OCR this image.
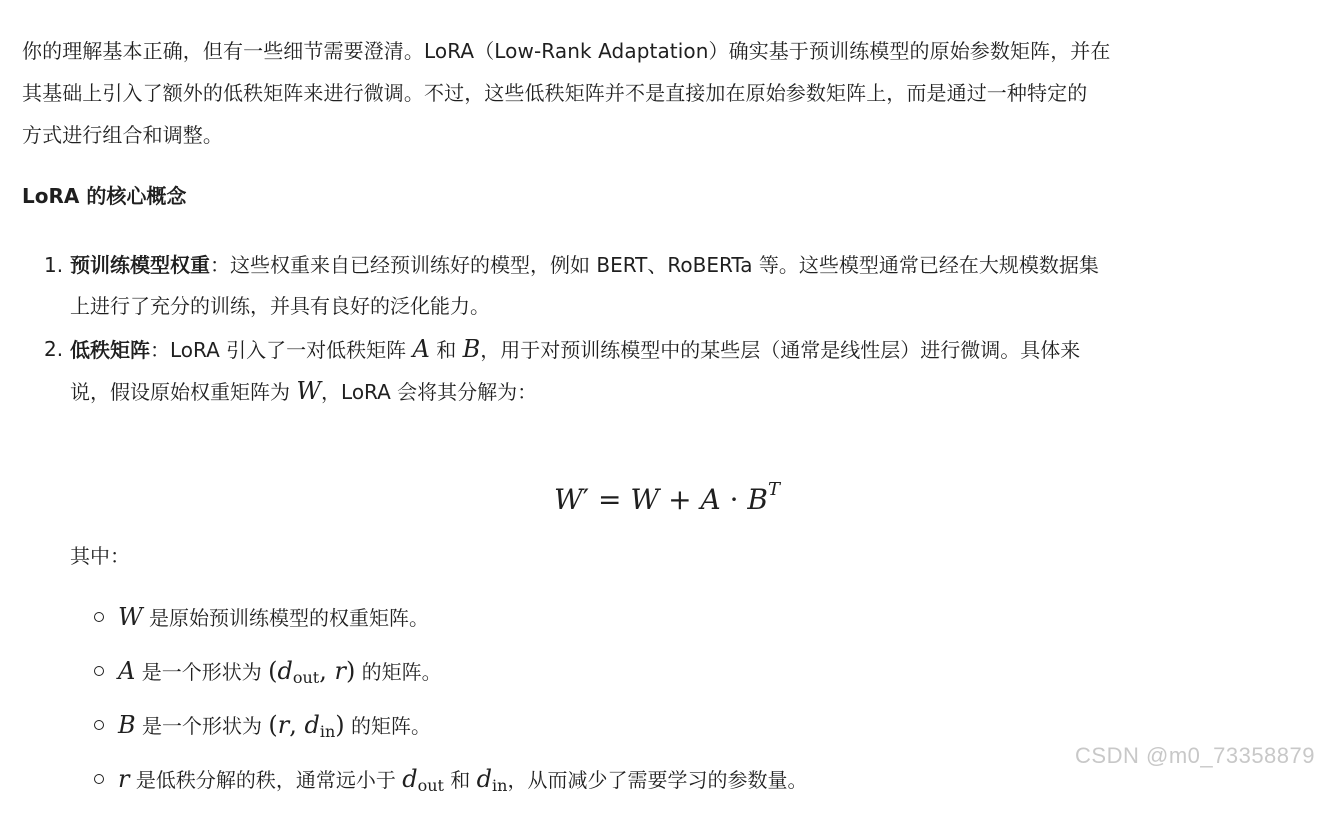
你的理解基本正确，但有一些细节需要澄清。LoRA（Low-Rank Adaptation）确实基于预训练模型的原始参数矩阵，并在

其基础上引入了额外的低秩矩阵来进行微调。不过，这些低秩矩阵并不是直接加在原始参数矩阵上，而是通过一种特定的

方式进行组合和调整。

LoRA 的核心概念
1. 预训练模型权重：这些权重来自已经预训练好的模型，例如 BERT、RoBERTa 等。这些模型通常已经在大规模数据集
上进行了充分的训练，并具有良好的泛化能力。
2. 低秩矩阵：LoRA 引入了一对低秩矩阵 A 和 B，用于对预训练模型中的某些层（通常是线性层）进行微调。具体来
说，假设原始权重矩阵为 W，LoRA 会将其分解为：
$W' = W + A \cdot B^T$
其中：
W 是原始预训练模型的权重矩阵。
A 是一个形状为 ($d_{out}$, r) 的矩阵。
B 是一个形状为 (r, $d_{in}$) 的矩阵。
r 是低秩分解的秩，通常远小于 $d_{out}$ 和 $d_{in}$，从而减少了需要学习的参数量。
CSDN @m0_73358879
